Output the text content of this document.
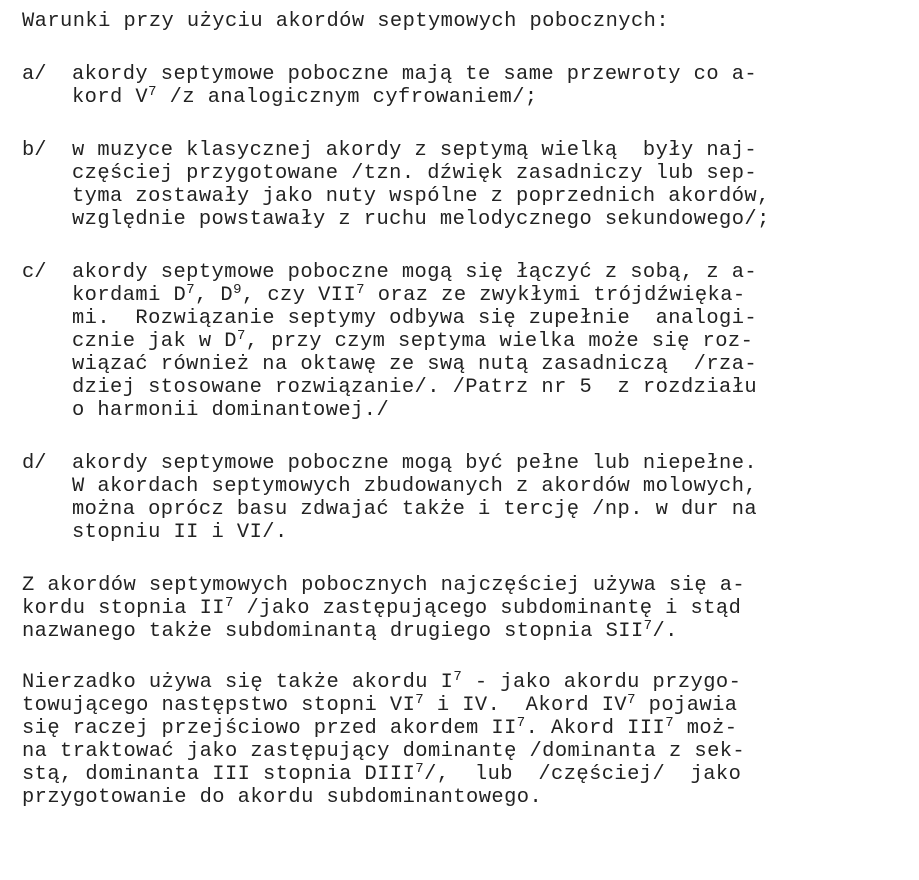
Warunki przy użyciu akordów septymowych pobocznych:
a/	akordy septymowe poboczne mają te same przewroty co a-
kord $V^7$ /z analogicznym cyfrowaniem/;
b/	w muzyce klasycznej akordy z septymą wielką  były naj-
częściej przygotowane /tzn. dźwięk zasadniczy lub sep-
tyma zostawały jako nuty wspólne z poprzednich akordów,
względnie powstawały z ruchu melodycznego sekundowego/;
c/	akordy septymowe poboczne mogą się łączyć z sobą, z a-
kordami $D^7$, $D^9$, czy VII$^7$ oraz ze zwykłymi trójdźwięka-
mi.  Rozwiązanie septymy odbywa się zupełnie  analogi-
cznie jak w $D^7$, przy czym septyma wielka może się roz-
wiązać również na oktawę ze swą nutą zasadniczą  /rza-
dziej stosowane rozwiązanie/. /Patrz nr 5  z rozdziału
o harmonii dominantowej./
d/	akordy septymowe poboczne mogą być pełne lub niepełne.
W akordach septymowych zbudowanych z akordów molowych,
można oprócz basu zdwajać także i tercję /np. w dur na
stopniu II i VI/.
Z akordów septymowych pobocznych najczęściej używa się a-
kordu stopnia $II^7$ /jako zastępującego subdominantę i stąd
nazwanego także subdominantą drugiego stopnia SII$^7$/.
Nierzadko używa się także akordu $I^7$ - jako akordu przygo-
towującego następstwo stopni $VI^7$ i IV.  Akord $IV^7$ pojawia
się raczej przejściowo przed akordem $II^7$. Akord III$^7$ moż-
na traktować jako zastępujący dominantę /dominanta z sek-
stą, dominanta III stopnia DIII$^7$/,  lub  /częściej/  jako
przygotowanie do akordu subdominantowego.
